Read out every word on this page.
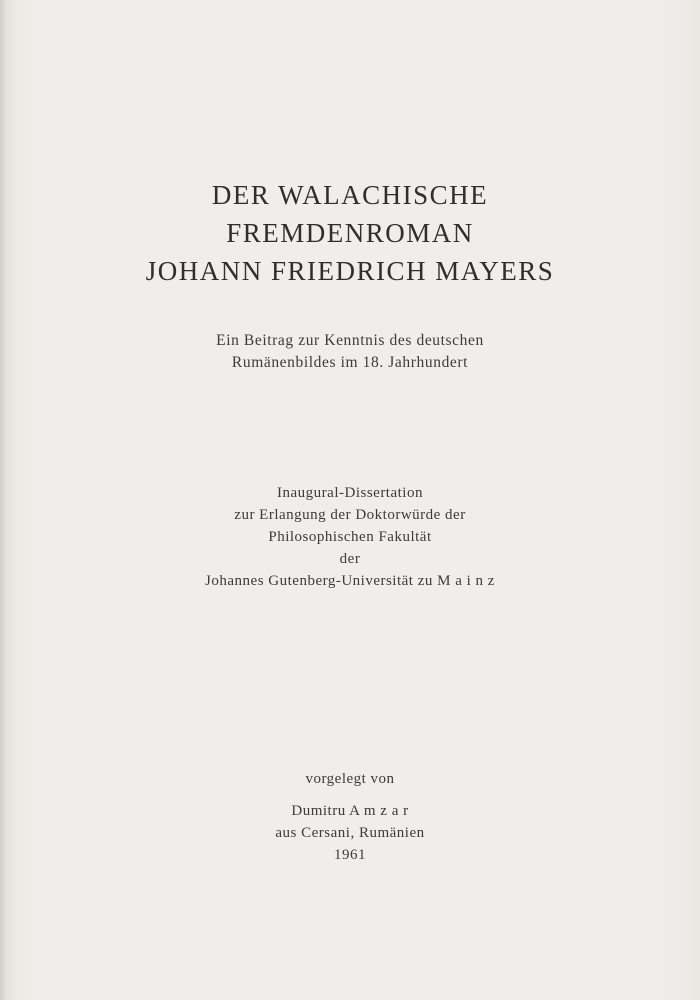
DER WALACHISCHE
FREMDENROMAN
JOHANN FRIEDRICH MAYERS
Ein Beitrag zur Kenntnis des deutschen
Rumänenbildes im 18. Jahrhundert
Inaugural-Dissertation
zur Erlangung der Doktorwürde der
Philosophischen Fakultät
der
Johannes Gutenberg-Universität zu M a i n z
vorgelegt von
Dumitru A m z a r
aus Cersani, Rumänien
1961
